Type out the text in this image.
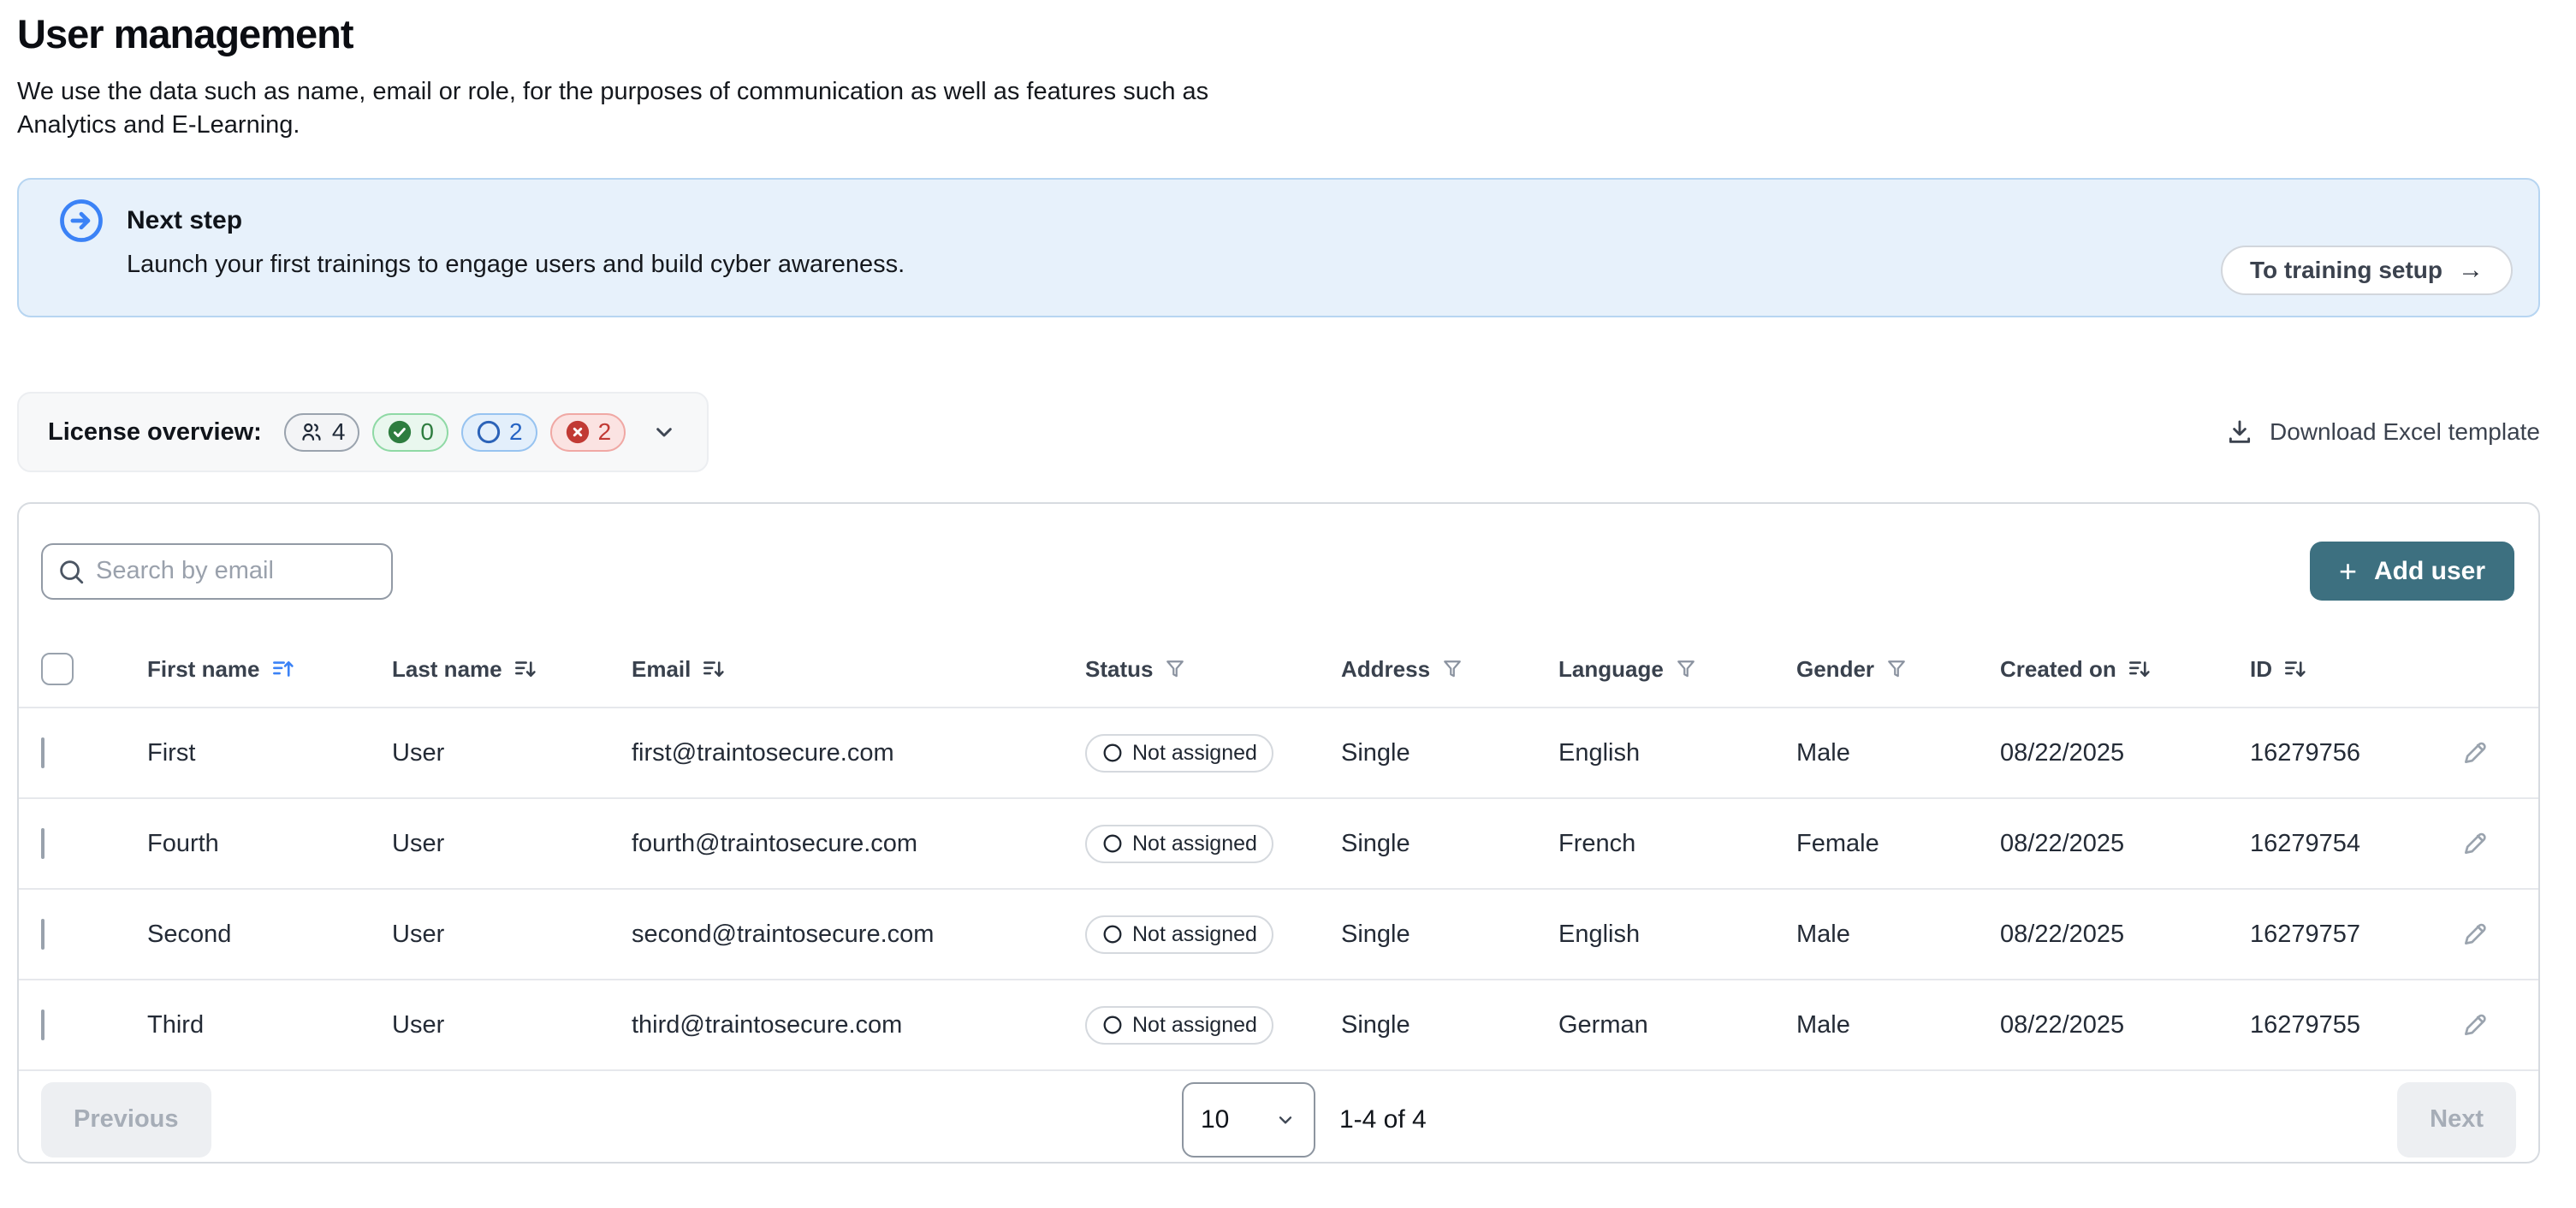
User management
We use the data such as name, email or role, for the purposes of communication as well as features such as
Analytics and E-Learning.
Next step
Launch your first trainings to engage users and build cyber awareness.	To training setup →
License overview:	4	0	2	2	Download Excel template
Search by email
+ Add user
First name	Last name	Email	Status	Address	Language	Gender	Created on	ID
First	User	first@traintosecure.com	Not assigned	Single	English	Male	08/22/2025	16279756
Fourth	User	fourth@traintosecure.com	Not assigned	Single	French	Female	08/22/2025	16279754
Second	User	second@traintosecure.com	Not assigned	Single	English	Male	08/22/2025	16279757
Third	User	third@traintosecure.com	Not assigned	Single	German	Male	08/22/2025	16279755
Previous	10	1-4 of 4	Next
